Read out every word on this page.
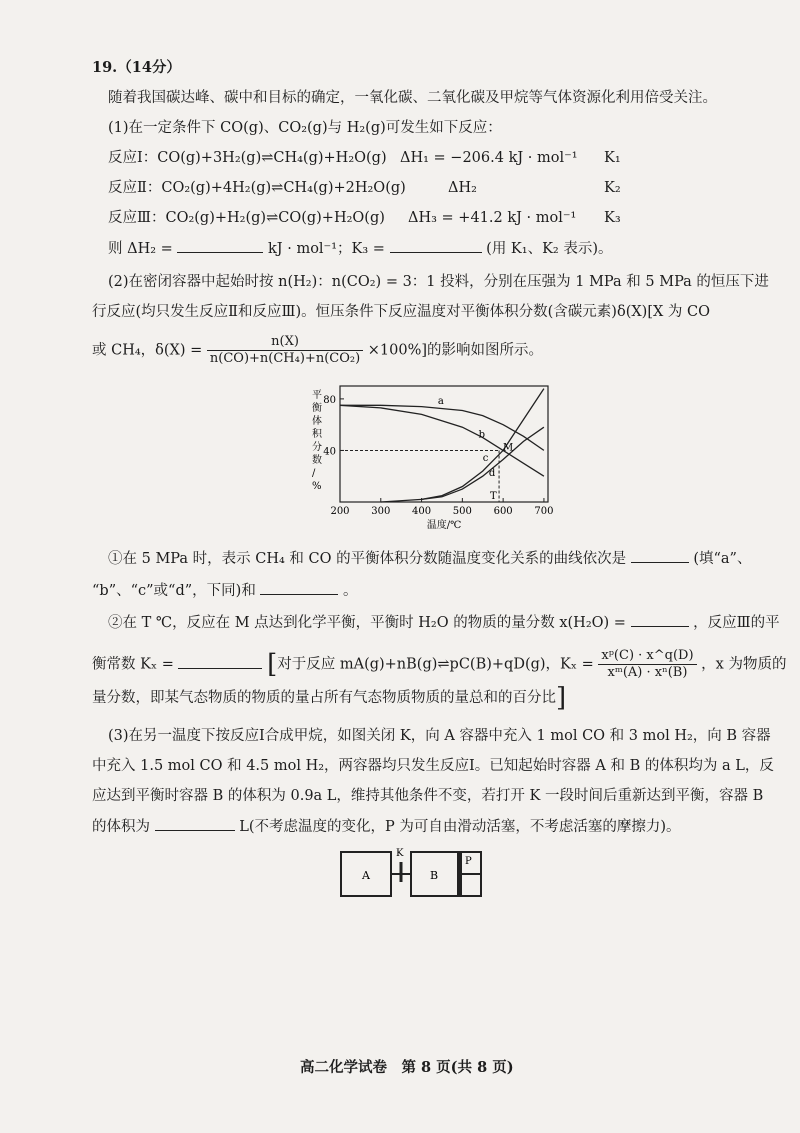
19.（14分）
随着我国碳达峰、碳中和目标的确定，一氧化碳、二氧化碳及甲烷等气体资源化利用倍受关注。
(1)在一定条件下 CO(g)、CO₂(g)与 H₂(g)可发生如下反应：
反应Ⅰ：CO(g)+3H₂(g)⇌CH₄(g)+H₂O(g) ΔH₁ = −206.4 kJ · mol⁻¹ K₁
反应Ⅱ：CO₂(g)+4H₂(g)⇌CH₄(g)+2H₂O(g)	ΔH₂	K₂
反应Ⅲ：CO₂(g)+H₂(g)⇌CO(g)+H₂O(g) ΔH₃ = +41.2 kJ · mol⁻¹ K₃
则 ΔH₂ =	kJ · mol⁻¹；K₃ =	(用 K₁、K₂ 表示)。
(2)在密闭容器中起始时按 n(H₂)：n(CO₂) = 3：1 投料，分别在压强为 1 MPa 和 5 MPa 的恒压下进
行反应(均只发生反应Ⅱ和反应Ⅲ)。恒压条件下反应温度对平衡体积分数(含碳元素)δ(X)[X 为 CO
或 CH₄，$\delta(X) = \frac{n(X)}{\text{n(CO)+n(CH₄)+n(CO₂)}} \times 100\%$]的影响如图所示。
平衡体积分数/ %
40
80
200 300 400 500 600 700
温度/℃
a
b
c
d
M
T
①在 5 MPa 时，表示 CH₄ 和 CO 的平衡体积分数随温度变化关系的曲线依次是	(填“a”、
“b”、“c”或“d”，下同)和	。
②在 T ℃，反应在 M 点达到化学平衡，平衡时 H₂O 的物质的量分数 x(H₂O) =	，反应Ⅲ的平
衡常数 Kₓ =	[对于反应 mA(g)+nB(g)⇌pC(B)+qD(g)，$K_x = \frac{\text{xᵖ(C) · x\textasciicircum{}q(D)}}{\text{xᵐ(A) · xⁿ(B)}}$ ，x 为物质的
量分数，即某气态物质的物质的量占所有气态物质物质的量总和的百分比]
(3)在另一温度下按反应Ⅰ合成甲烷，如图关闭 K，向 A 容器中充入 1 mol CO 和 3 mol H₂，向 B 容器
中充入 1.5 mol CO 和 4.5 mol H₂，两容器均只发生反应Ⅰ。已知起始时容器 A 和 B 的体积均为 a L，反
应达到平衡时容器 B 的体积为 0.9a L，维持其他条件不变，若打开 K 一段时间后重新达到平衡，容器 B
的体积为	L(不考虑温度的变化，P 为可自由滑动活塞，不考虑活塞的摩擦力)。
A
K
B
P
高二化学试卷　第 8 页(共 8 页)
